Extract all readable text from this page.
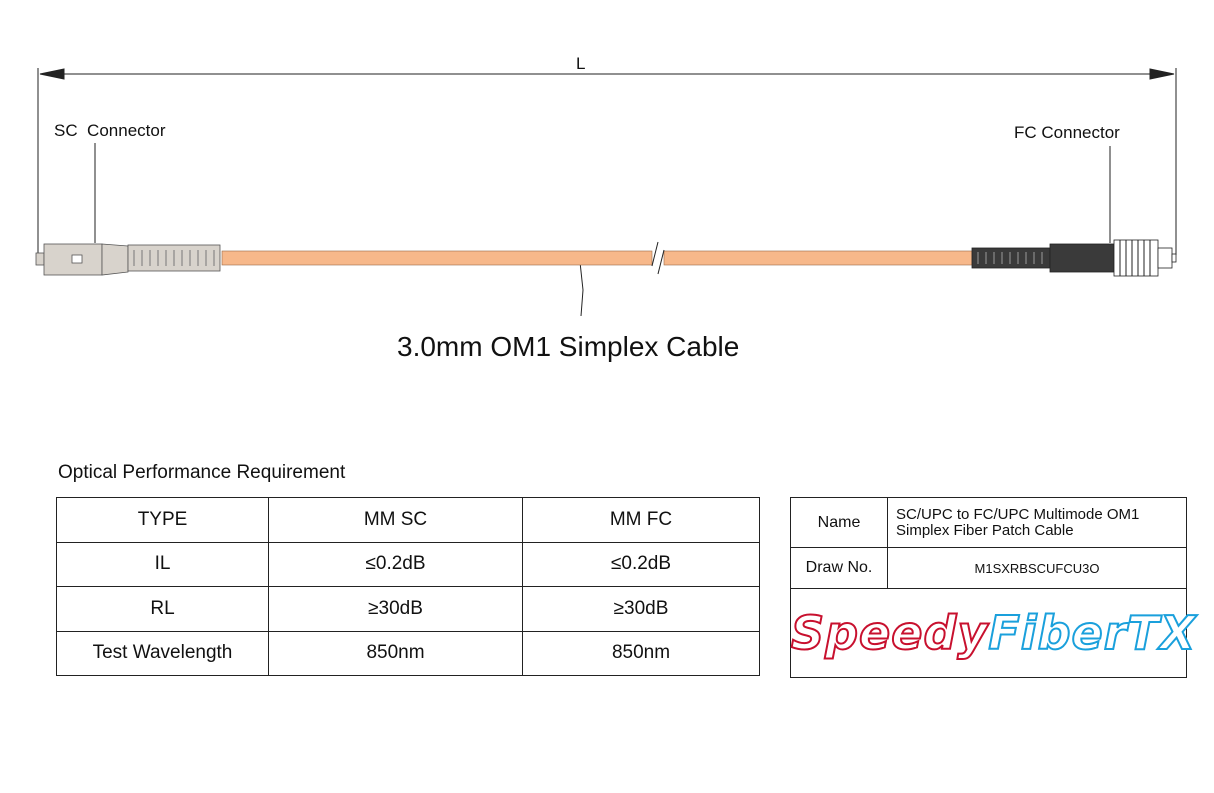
L
SC  Connector	FC Connector
3.0mm OM1 Simplex Cable
Optical Performance Requirement
TYPE	MM SC	MM FC
IL	≤0.2dB	≤0.2dB
RL	≥30dB	≥30dB
Test Wavelength	850nm	850nm
Name	SC/UPC to FC/UPC Multimode OM1 Simplex Fiber Patch Cable
Draw No.	M1SXRBSCUFCU3O
SpeedyFiberTX	
